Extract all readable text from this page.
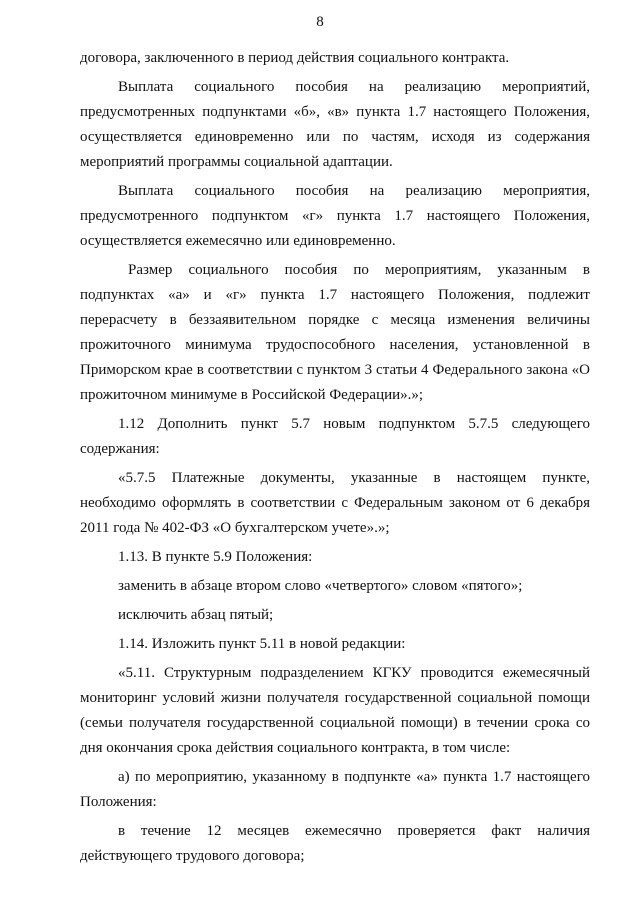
8

договора, заключенного в период действия социального контракта.

Выплата социального пособия на реализацию мероприятий, предусмотренных подпунктами «б», «в» пункта 1.7 настоящего Положения, осуществляется единовременно или по частям, исходя из содержания мероприятий программы социальной адаптации.

Выплата социального пособия на реализацию мероприятия, предусмотренного подпунктом «г» пункта 1.7 настоящего Положения, осуществляется ежемесячно или единовременно.

Размер социального пособия по мероприятиям, указанным в подпунктах «а» и «г» пункта 1.7 настоящего Положения, подлежит перерасчету в беззаявительном порядке с месяца изменения величины прожиточного минимума трудоспособного населения, установленной в Приморском крае в соответствии с пунктом 3 статьи 4 Федерального закона «О прожиточном минимуме в Российской Федерации».»;

1.12 Дополнить пункт 5.7 новым подпунктом 5.7.5 следующего содержания:

«5.7.5 Платежные документы, указанные в настоящем пункте, необходимо оформлять в соответствии с Федеральным законом от 6 декабря 2011 года № 402-ФЗ «О бухгалтерском учете».»;

1.13. В пункте 5.9 Положения:

заменить в абзаце втором слово «четвертого» словом «пятого»;

исключить абзац пятый;

1.14. Изложить пункт 5.11 в новой редакции:

«5.11. Структурным подразделением КГКУ проводится ежемесячный мониторинг условий жизни получателя государственной социальной помощи (семьи получателя государственной социальной помощи) в течении срока со дня окончания срока действия социального контракта, в том числе:

а) по мероприятию, указанному в подпункте «а» пункта 1.7 настоящего Положения:

в течение 12 месяцев ежемесячно проверяется факт наличия действующего трудового договора;
